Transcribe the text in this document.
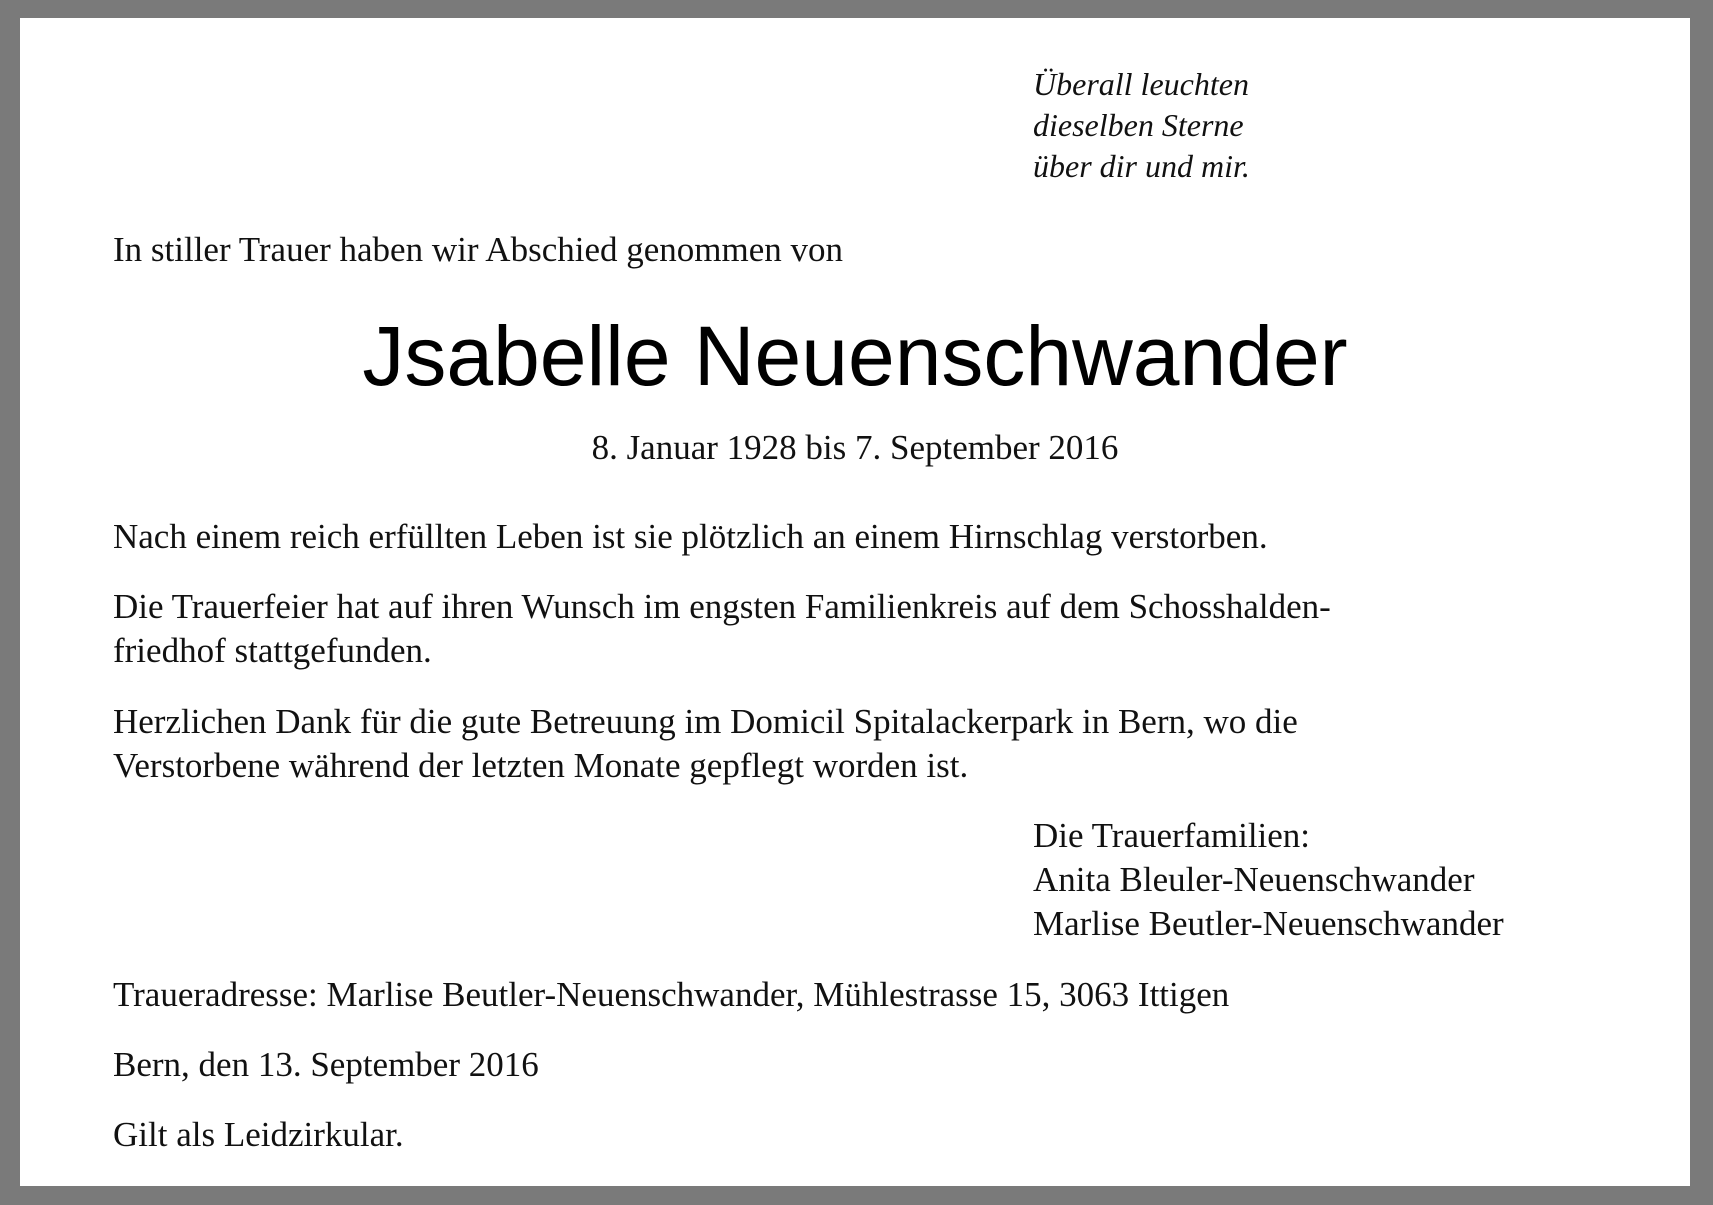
Überall leuchten
dieselben Sterne
über dir und mir.
In stiller Trauer haben wir Abschied genommen von
Jsabelle Neuenschwander
8. Januar 1928 bis 7. September 2016
Nach einem reich erfüllten Leben ist sie plötzlich an einem Hirnschlag verstorben.
Die Trauerfeier hat auf ihren Wunsch im engsten Familienkreis auf dem Schosshalden-
friedhof stattgefunden.
Herzlichen Dank für die gute Betreuung im Domicil Spitalackerpark in Bern, wo die
Verstorbene während der letzten Monate gepflegt worden ist.
Die Trauerfamilien:
Anita Bleuler-Neuenschwander
Marlise Beutler-Neuenschwander
Traueradresse: Marlise Beutler-Neuenschwander, Mühlestrasse 15, 3063 Ittigen
Bern, den 13. September 2016
Gilt als Leidzirkular.
